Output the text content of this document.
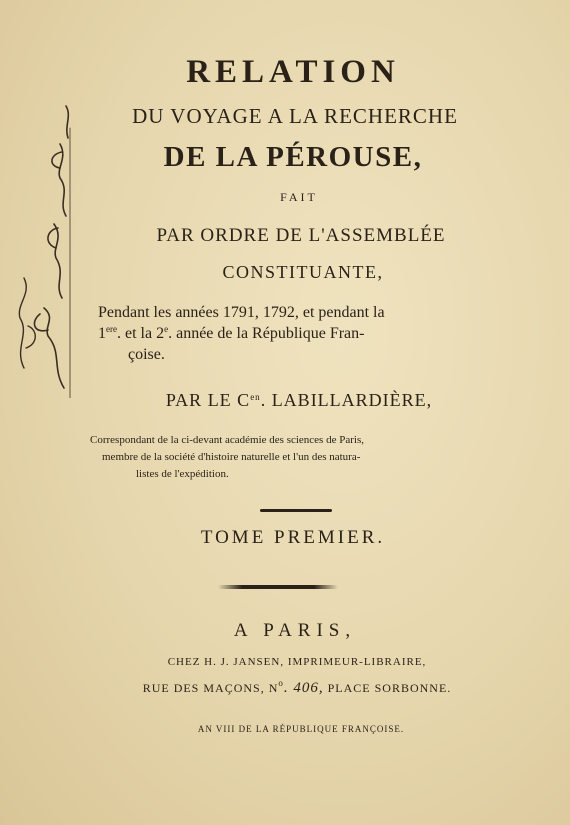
RELATION
DU VOYAGE A LA RECHERCHE
DE LA PÉROUSE,
FAIT
PAR ORDRE DE L'ASSEMBLÉE
CONSTITUANTE,
Pendant les années 1791, 1792, et pendant la
1ere. et la 2e. année de la République Fran-
çoise.
PAR LE $C^{en}$. LABILLARDIÈRE,
Correspondant de la ci-devant académie des sciences de Paris,
membre de la société d'histoire naturelle et l'un des natura-
listes de l'expédition.
TOME PREMIER.
A PARIS,
CHEZ H. J. JANSEN, IMPRIMEUR-LIBRAIRE,
RUE DES MAÇONS, $N^o$. 406, PLACE SORBONNE.
AN VIII DE LA RÉPUBLIQUE FRANÇOISE.
